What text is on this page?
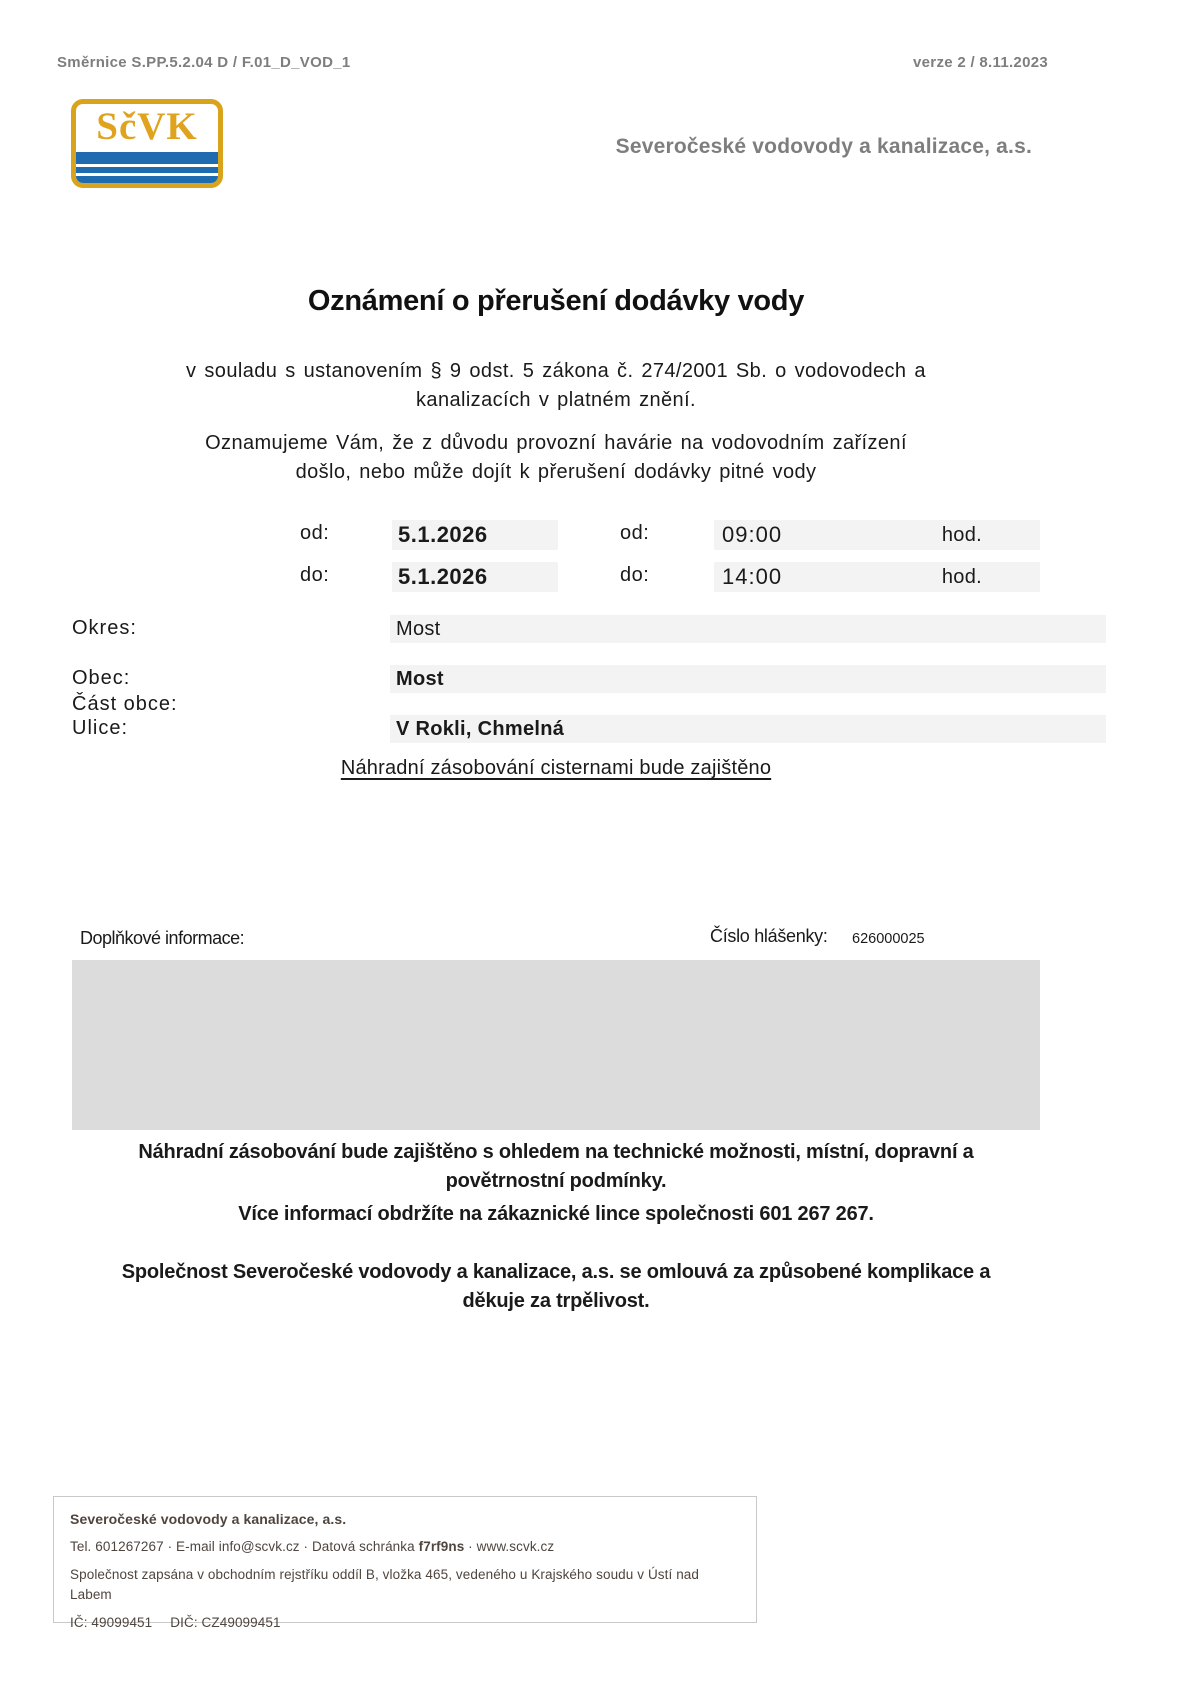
Směrnice S.PP.5.2.04 D / F.01_D_VOD_1	verze 2 / 8.11.2023
SčVK	Severočeské vodovody a kanalizace, a.s.
Oznámení o přerušení dodávky vody
v souladu s ustanovením § 9 odst. 5 zákona č. 274/2001 Sb. o vodovodech a
kanalizacích v platném znění.
Oznamujeme Vám, že z důvodu provozní havárie na vodovodním zařízení
došlo, nebo může dojít k přerušení dodávky pitné vody
od:	5.1.2026	od:	09:00	hod.
do:	5.1.2026	do:	14:00	hod.
Okres:	Most
Obec:	Most
Část obce:
Ulice:	V Rokli, Chmelná
Náhradní zásobování cisternami bude zajištěno
Doplňkové informace:	Číslo hlášenky: 626000025
Náhradní zásobování bude zajištěno s ohledem na technické možnosti, místní, dopravní a
povětrnostní podmínky.
Více informací obdržíte na zákaznické lince společnosti 601 267 267.
Společnost Severočeské vodovody a kanalizace, a.s. se omlouvá za způsobené komplikace a
děkuje za trpělivost.
Severočeské vodovody a kanalizace, a.s.
Tel. 601267267 · E-mail info@scvk.cz · Datová schránka f7rf9ns · www.scvk.cz
Společnost zapsána v obchodním rejstříku oddíl B, vložka 465, vedeného u Krajského soudu v Ústí nad Labem
IČ: 49099451 DIČ: CZ49099451
